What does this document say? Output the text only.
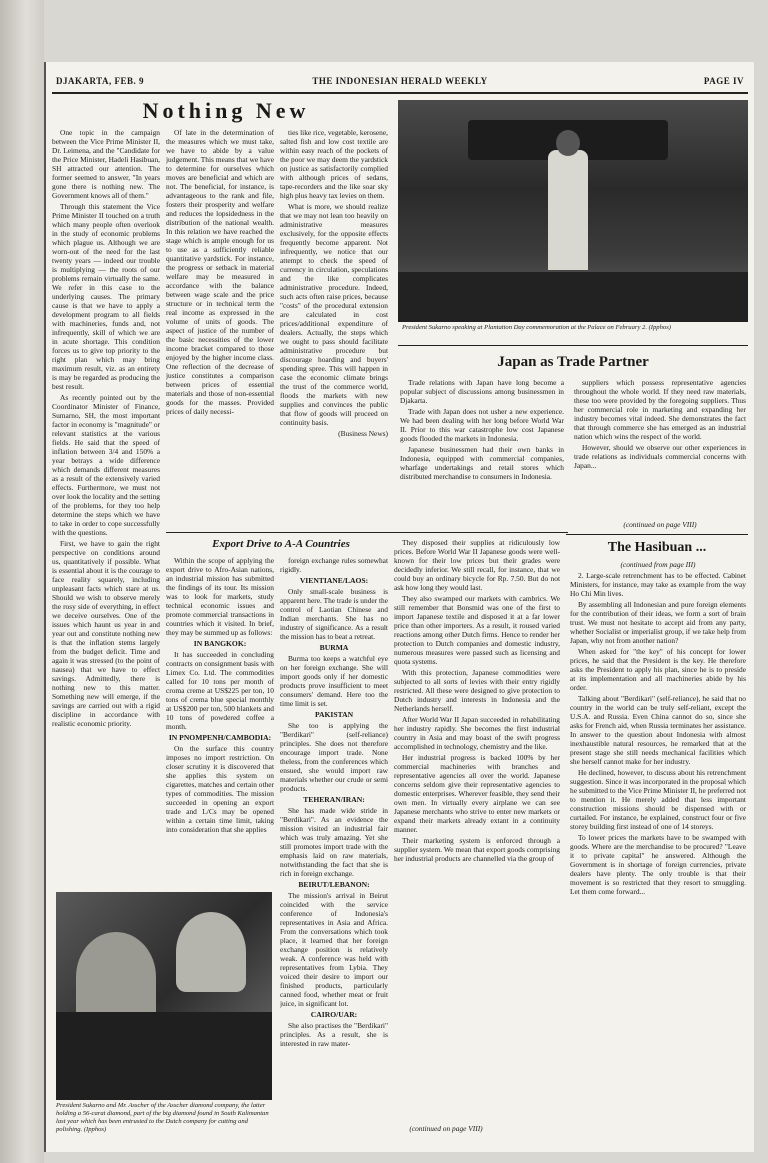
DJAKARTA, FEB. 9	THE INDONESIAN HERALD WEEKLY	PAGE IV
Nothing New

One topic in the campaign between the Vice Prime Minister II, Dr. Leimena, and the "Candidate for the Price Minister, Hadeli Hasibuan, SH attracted our attention. The former seemed to answer, "In years gone there is nothing new. The Government knows all of them."

Through this statement the Vice Prime Minister II touched on a truth which many people often overlook in the study of economic problems which plague us. Although we are worn-out of the need for the last twenty years — indeed our trouble is multiplying — the roots of our problems remain virtually the same. We refer in this case to the underlying causes. The primary cause is that we have to apply a development program to all fields with machineries, funds and, not infrequently, skill of which we are in acute shortage. This condition forces us to give top priority to the right plan which may bring maximum result, viz. as an entirety is may be regarded as producing the best result.

As recently pointed out by the Coordinator Minister of Finance, Sumarno, SH, the most important factor in economy is "magnitude" or relevant statistics at the various fields. He said that the speed of inflation between 3/4 and 150% a year betrays a wide difference which demands different measures as a result of the extensively varied effects. Furthermore, we must not over look the locality and the setting of the problems, for they too help determine the steps which we have to take in order to cope successfully with the questions.

First, we have to gain the right perspective on conditions around us, quantitatively if possible. What is essential about it is the courage to face reality squarely, including unpleasant facts which stare at us. Should we wish to observe merely the rosy side of everything, in effect we deceive ourselves. One of the issues which haunt us year in and year out and constitute nothing new is that the inflation stems largely from the budget deficit. Time and again it was stressed (to the point of nausea) that we have to effect savings. Admittedly, there is nothing new to this matter. Something new will emerge, if the savings are carried out with a rigid discipline in accordance with realistic economic priority.

Of late in the determination of the measures which we must take, we have to abide by a value judgement. This means that we have to determine for ourselves which moves are beneficial and which are not. The beneficial, for instance, is advantageous to the rank and file, fosters their prosperity and welfare and reduces the lopsidedness in the distribution of the national wealth. In this relation we have reached the stage which is ample enough for us to use as a sufficiently reliable quantitative yardstick. For instance, the progress or setback in material welfare may be measured in accordance with the balance between wage scale and the price structure or in technical term the real income as expressed in the volume of units of goods. The aspect of justice of the number of the basic necessities of the lower income bracket compared to those enjoyed by the higher income class. One reflection of the decrease of justice constitutes a comparison between prices of essential materials and those of non-essential goods for the masses. Provided prices of daily necessi-

ties like rice, vegetable, kerosene, salted fish and low cost textile are within easy reach of the pockets of the poor we may deem the yardstick on justice as satisfactorily complied with although prices of sedans, tape-recorders and the like soar sky high plus heavy tax levies on them.

What is more, we should realize that we may not lean too heavily on administrative measures exclusively, for the opposite effects frequently become apparent. Not infrequently, we notice that our attempt to check the speed of currency in circulation, speculations and the like complicates administrative procedure. Indeed, such acts often raise prices, because "costs" of the procedural extension are calculated in cost prices/additional expenditure of dealers. Actually, the steps which we ought to pass should facilitate administrative procedure but discourage hoarding and buyers' spending spree. This will happen in case the economic climate brings the trust of the commerce world, floods the markets with new supplies and convinces the public that flow of goods will proceed on continuity basis.

(Business News)

President Sukarno speaking at Plantation Day commemoration at the Palace on February 2. (Ipphos)
Japan as Trade Partner

Trade relations with Japan have long become a popular subject of discussions among businessmen in Djakarta.

Trade with Japan does not usher a new experience. We had been dealing with her long before World War II. Prior to this war catastrophe low cost Japanese goods flooded the markets in Indonesia.

Japanese businessmen had their own banks in Indonesia, equipped with commercial companies, wharfage undertakings and retail stores which distributed merchandise to consumers in Indonesia.

suppliers which possess representative agencies throughout the whole world. If they need raw materials, these too were provided by the foregoing suppliers. Thus her commercial role in marketing and expanding her industry becomes vital indeed. She demonstrates the fact that through commerce she has emerged as an industrial nation which wins the respect of the world.

However, should we observe our other experiences in trade relations as individuals commercial concerns with Japan...

(continued on page VIII)
Export Drive to A-A Countries

Within the scope of applying the export drive to Afro-Asian nations, an industrial mission has submitted the findings of its tour. Its mission was to look for markets, study technical economic issues and promote commercial transactions in countries which it visited. In brief, they may be summed up as follows:

IN BANGKOK:

It has succeeded in concluding contracts on consignment basis with Limex Co. Ltd. The commodities called for 10 tons per month of croma creme at US$225 per ton, 10 tons of crema blue special monthly at US$200 per ton, 500 blankets and 10 tons of powdered coffee a month.

IN PNOMPENH/CAMBODIA:

On the surface this country imposes no import restriction. On closer scrutiny it is discovered that she applies this system on cigarettes, matches and certain other types of commodities. The mission succeeded in opening an export trade and L/Cs may be opened within a certain time limit, taking into consideration that she applies

foreign exchange rules somewhat rigidly.

VIENTIANE/LAOS:

Only small-scale business is apparent here. The trade is under the control of Laotian Chinese and Indian merchants. She has no industry of significance. As a result the mission has to beat a retreat.

BURMA

Burma too keeps a watchful eye on her foreign exchange. She will import goods only if her domestic products prove insufficient to meet consumers' demand. Here too the time limit is set.

PAKISTAN

She too is applying the "Berdikari" (self-reliance) principles. She does not therefore encourage import trade. None theless, from the conferences which ensued, she would import raw materials whether our crude or semi products.

TEHERAN/IRAN:

She has made wide stride in "Berdikari". As an evidence the mission visited an industrial fair which was truly amazing. Yet she still promotes import trade with the emphasis laid on raw materials, notwithstanding the fact that she is rich in foreign exchange.

BEIRUT/LEBANON:

The mission's arrival in Beirut coincided with the service conference of Indonesia's representatives in Asia and Africa. From the conversations which took place, it learned that her foreign exchange position is relatively weak. A conference was held with representatives from Lybia. They voiced their desire to import our finished products, particularly canned food, whether meat or fruit juice, in significant lot.

CAIRO/UAR:

She also practises the "Berdikari" principles. As a result, she is interested in raw mater-

They disposed their supplies at ridiculously low prices. Before World War II Japanese goods were well-known for their low prices but their grades were decidedly inferior. We still recall, for instance, that we could buy an ordinary bicycle for Rp. 7.50. But do not ask how long they would last.

They also swamped our markets with cambrics. We still remember that Bonsmid was one of the first to import Japanese textile and disposed it at a far lower price than other importers. As a result, it roused varied reactions among other Dutch firms. Hence to render her protection to Dutch companies and domestic industry, numerous measures were passed such as licensing and quota systems.

With this protection, Japanese commodities were subjected to all sorts of levies with their entry rigidly restricted. All these were designed to give protection to Dutch industry and interests in Indonesia and the Netherlands herself.

After World War II Japan succeeded in rehabilitating her industry rapidly. She becomes the first industrial country in Asia and may boast of the swift progress accomplished in technology, chemistry and the like.

Her industrial progress is backed 100% by her commercial machineries with branches and representative agencies all over the world. Japanese concerns seldom give their representative agencies to domestic enterprises. Wherever feasible, they send their own men. In virtually every airplane we can see Japanese merchants who strive to enter new markets or expand their markets already extant in a continuity manner.

Their marketing system is enforced through a supplier system. We mean that export goods comprising her industrial products are channelled via the group of

(continued on page VIII)
The Hasibuan ...

(continued from page III)

2. Large-scale retrenchment has to be effected. Cabinet Ministers, for instance, may take as example from the way Ho Chi Min lives.

By assembling all Indonesian and pure foreign elements for the contribution of their ideas, we form a sort of brain trust. We must not hesitate to accept aid from any party, whether Socialist or imperialist group, if we take help from Japan, why not from another nation?

When asked for "the key" of his concept for lower prices, he said that the President is the key. He therefore asks the President to apply his plan, since he is to preside at its implementation and all machineries abide by his order.

Talking about "Berdikari" (self-reliance), he said that no country in the world can be truly self-reliant, except the U.S.A. and Russia. Even China cannot do so, since she asks for French aid, when Russia terminates her assistance. In answer to the question about Indonesia with almost inexhaustible natural resources, he remarked that at the present stage she still needs mechanical facilities which she herself cannot make for her industry.

He declined, however, to discuss about his retrenchment suggestion. Since it was incorporated in the proposal which he submitted to the Vice Prime Minister II, he preferred not to mention it. He merely added that less important construction missions should be dispensed with or curtailed. For instance, he explained, construct four or five storey building first instead of one of 14 storeys.

To lower prices the markets have to be swamped with goods. Where are the merchandise to be procured? "Leave it to private capital" he answered. Although the Government is in shortage of foreign currencies, private dealers have plenty. The only trouble is that their movement is so restricted that they resort to smuggling. Let them come forward...

President Sukarno and Mr. Asscher of the Asscher diamond company, the latter holding a 56-carat diamond, part of the big diamond found in South Kalimantan last year which has been entrusted to the Dutch company for cutting and polishing. (Ipphos)
